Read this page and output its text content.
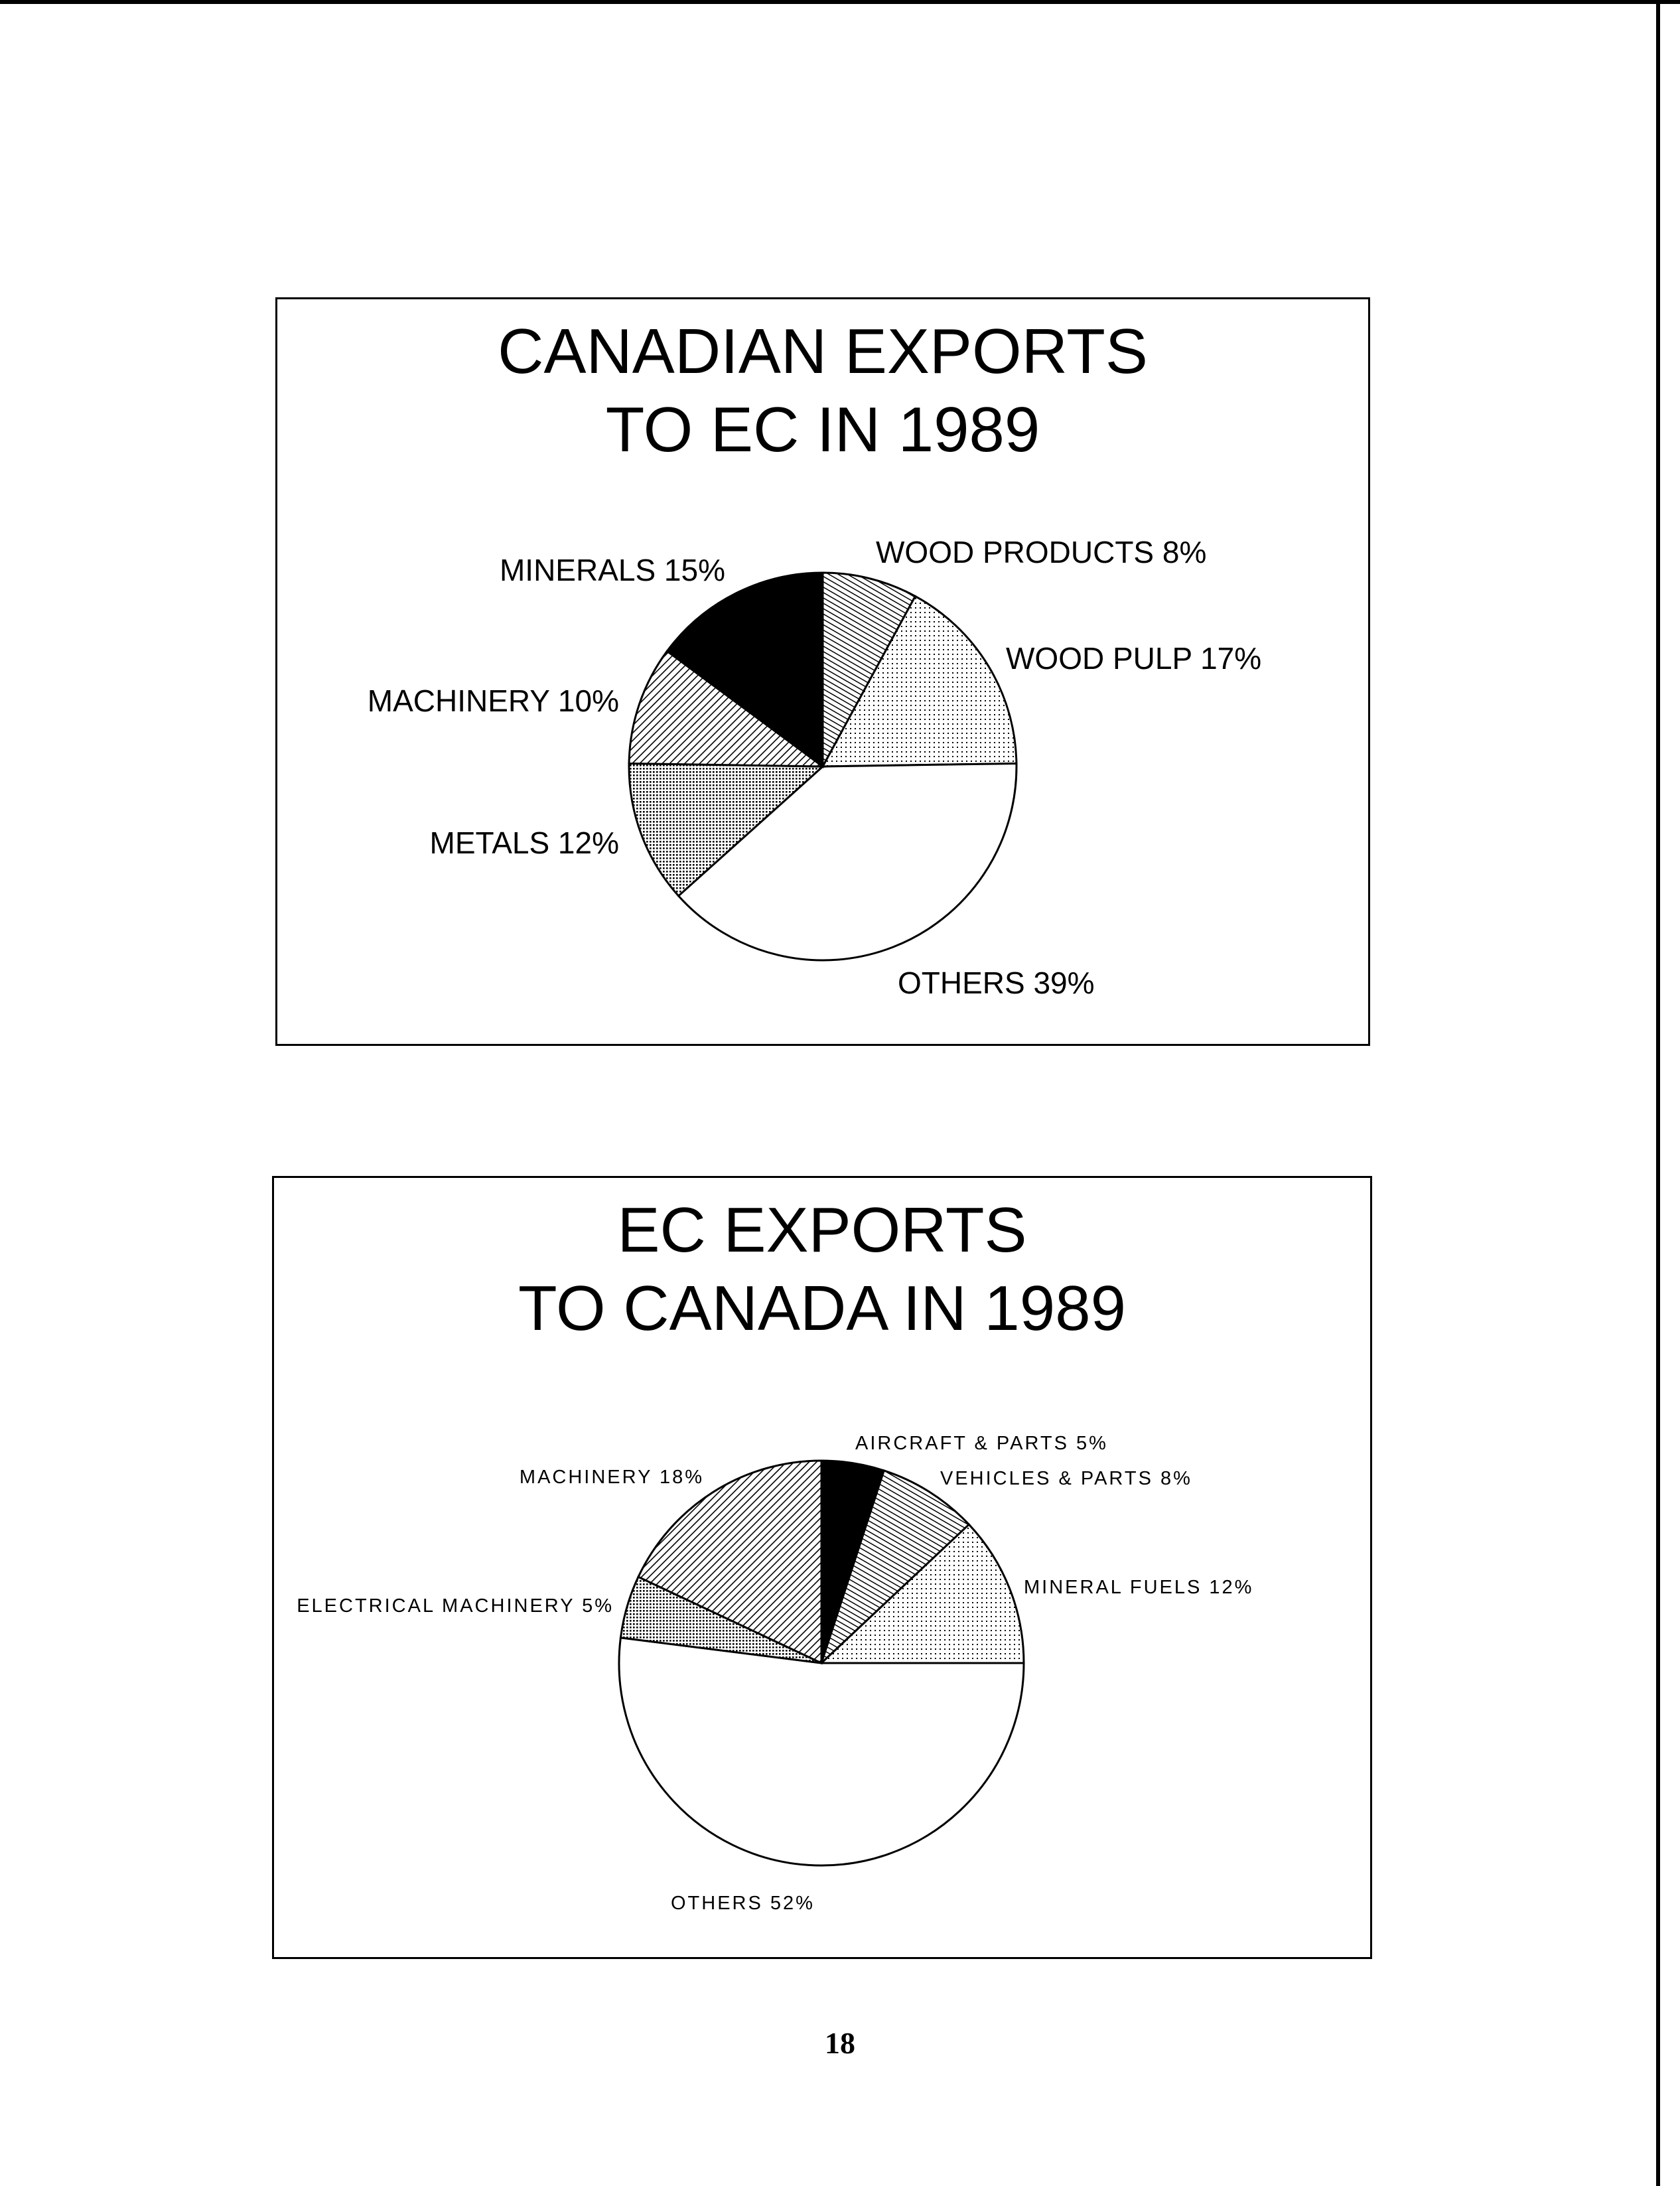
CANADIAN EXPORTS
TO EC IN 1989
WOOD PRODUCTS 8%
WOOD PULP 17%
OTHERS 39%
METALS 12%
MACHINERY 10%
MINERALS 15%
EC EXPORTS
TO CANADA IN 1989
AIRCRAFT & PARTS 5%
VEHICLES & PARTS 8%
MINERAL FUELS 12%
OTHERS 52%
ELECTRICAL MACHINERY 5%
MACHINERY 18%
18
